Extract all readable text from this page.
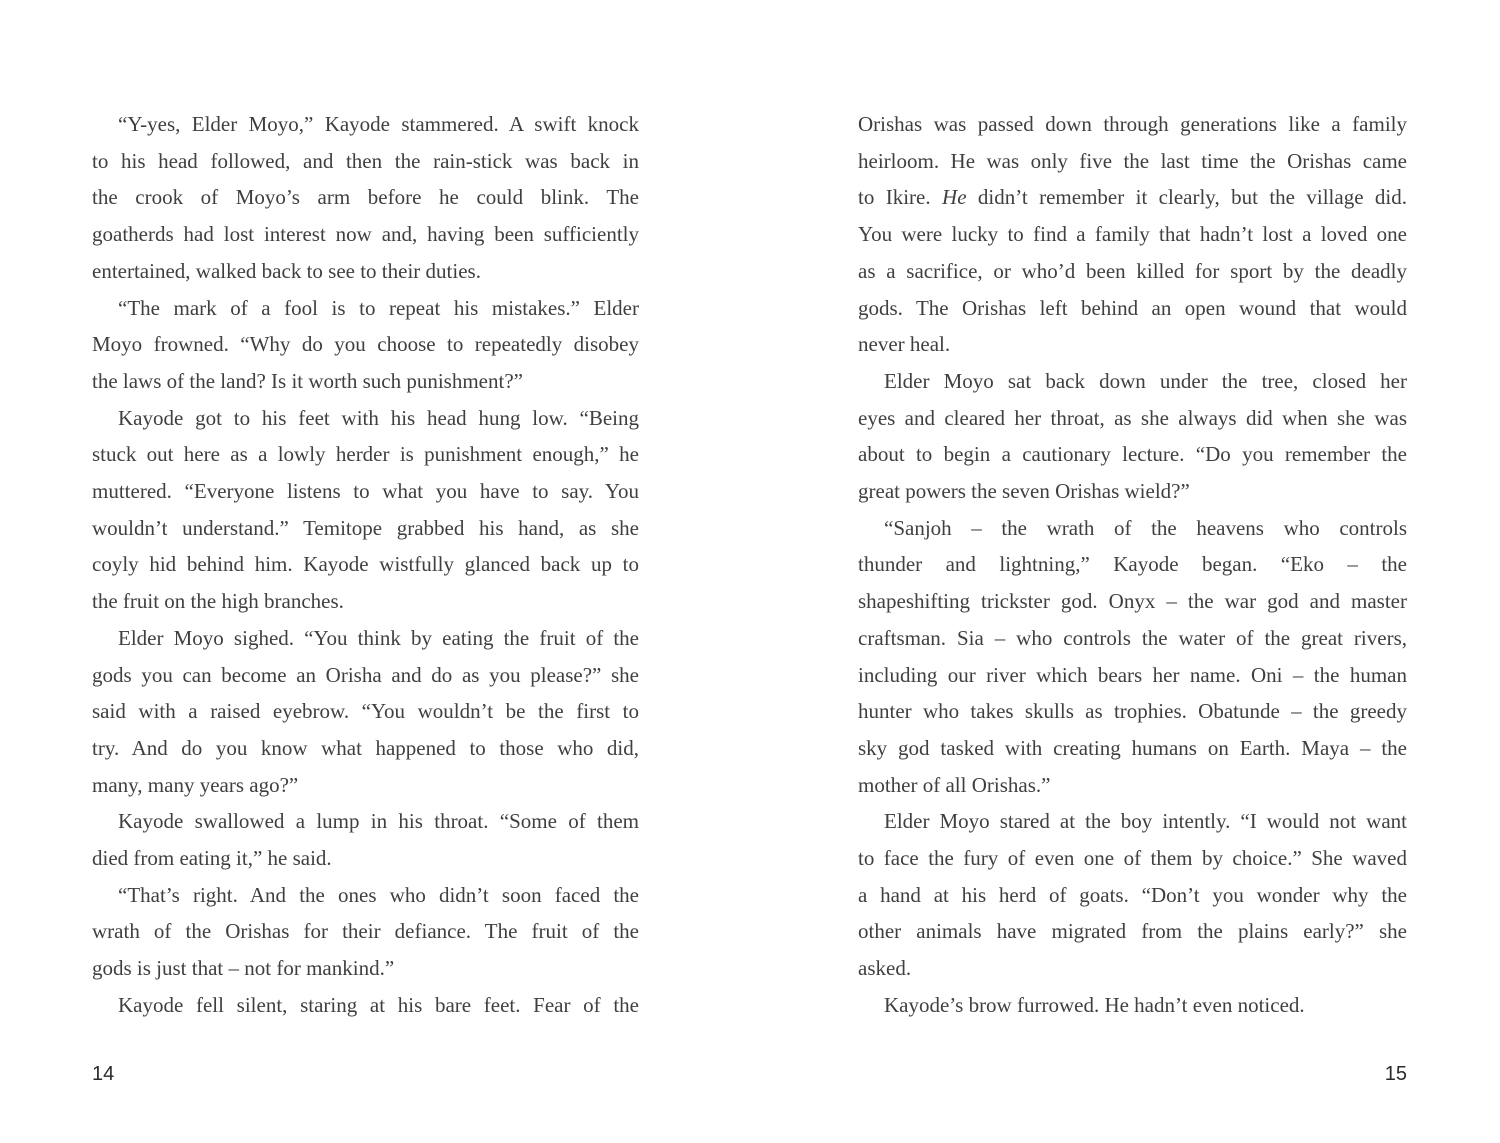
“Y-yes, Elder Moyo,” Kayode stammered. A swift knock
to his head followed, and then the rain-stick was back in
the crook of Moyo’s arm before he could blink. The
goatherds had lost interest now and, having been sufficiently
entertained, walked back to see to their duties.
“The mark of a fool is to repeat his mistakes.” Elder
Moyo frowned. “Why do you choose to repeatedly disobey
the laws of the land? Is it worth such punishment?”
Kayode got to his feet with his head hung low. “Being
stuck out here as a lowly herder is punishment enough,” he
muttered. “Everyone listens to what you have to say. You
wouldn’t understand.” Temitope grabbed his hand, as she
coyly hid behind him. Kayode wistfully glanced back up to
the fruit on the high branches.
Elder Moyo sighed. “You think by eating the fruit of the
gods you can become an Orisha and do as you please?” she
said with a raised eyebrow. “You wouldn’t be the first to
try. And do you know what happened to those who did,
many, many years ago?”
Kayode swallowed a lump in his throat. “Some of them
died from eating it,” he said.
“That’s right. And the ones who didn’t soon faced the
wrath of the Orishas for their defiance. The fruit of the
gods is just that – not for mankind.”
Kayode fell silent, staring at his bare feet. Fear of the
14
Orishas was passed down through generations like a family
heirloom. He was only five the last time the Orishas came
to Ikire. He didn’t remember it clearly, but the village did.
You were lucky to find a family that hadn’t lost a loved one
as a sacrifice, or who’d been killed for sport by the deadly
gods. The Orishas left behind an open wound that would
never heal.
Elder Moyo sat back down under the tree, closed her
eyes and cleared her throat, as she always did when she was
about to begin a cautionary lecture. “Do you remember the
great powers the seven Orishas wield?”
“Sanjoh – the wrath of the heavens who controls
thunder and lightning,” Kayode began. “Eko – the
shapeshifting trickster god. Onyx – the war god and master
craftsman. Sia – who controls the water of the great rivers,
including our river which bears her name. Oni – the human
hunter who takes skulls as trophies. Obatunde – the greedy
sky god tasked with creating humans on Earth. Maya – the
mother of all Orishas.”
Elder Moyo stared at the boy intently. “I would not want
to face the fury of even one of them by choice.” She waved
a hand at his herd of goats. “Don’t you wonder why the
other animals have migrated from the plains early?” she
asked.
Kayode’s brow furrowed. He hadn’t even noticed.
15
